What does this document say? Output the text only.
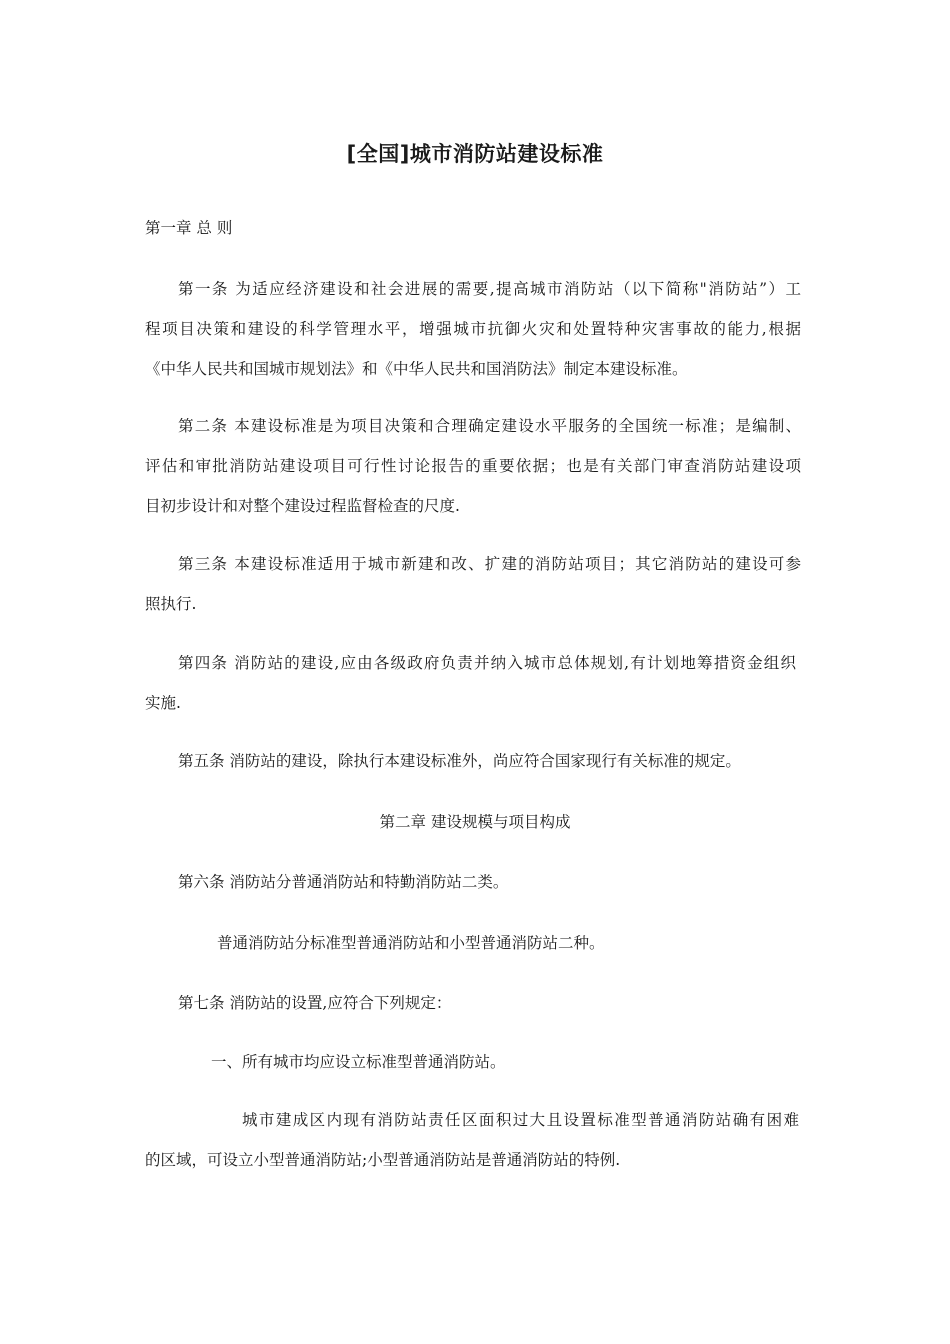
[全国]城市消防站建设标准
第一章 总 则
第一条 为适应经济建设和社会进展的需要,提高城市消防站（以下简称"消防站”）工
程项目决策和建设的科学管理水平，增强城市抗御火灾和处置特种灾害事故的能力,根据
《中华人民共和国城市规划法》和《中华人民共和国消防法》制定本建设标准。
第二条 本建设标准是为项目决策和合理确定建设水平服务的全国统一标准；是编制、
评估和审批消防站建设项目可行性讨论报告的重要依据；也是有关部门审查消防站建设项
目初步设计和对整个建设过程监督检查的尺度.
第三条 本建设标准适用于城市新建和改、扩建的消防站项目；其它消防站的建设可参
照执行.
第四条 消防站的建设,应由各级政府负责并纳入城市总体规划,有计划地筹措资金组织
实施.
第五条 消防站的建设，除执行本建设标准外，尚应符合国家现行有关标准的规定。
第二章 建设规模与项目构成
第六条 消防站分普通消防站和特勤消防站二类。
普通消防站分标准型普通消防站和小型普通消防站二种。
第七条 消防站的设置,应符合下列规定：
一、所有城市均应设立标准型普通消防站。
城市建成区内现有消防站责任区面积过大且设置标准型普通消防站确有困难
的区域，可设立小型普通消防站;小型普通消防站是普通消防站的特例.
